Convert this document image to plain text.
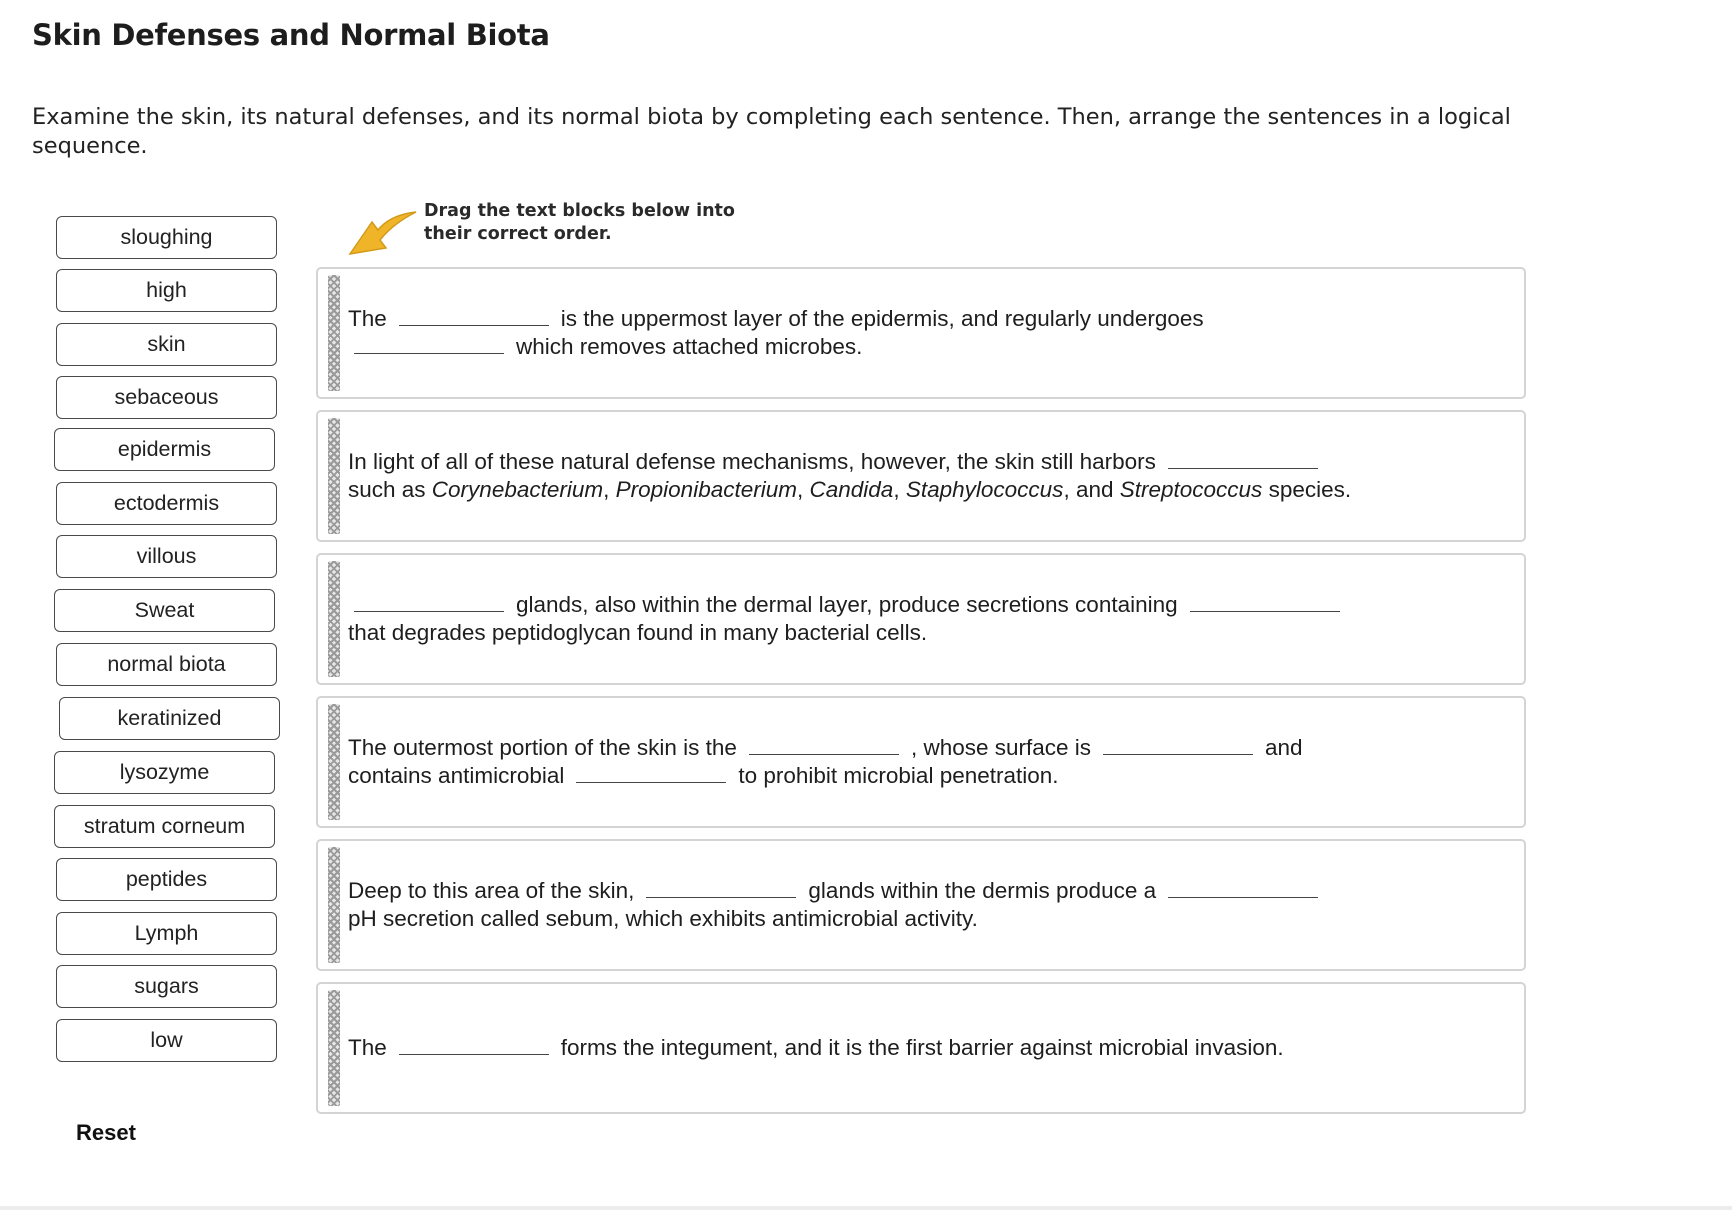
Skin Defenses and Normal Biota

Examine the skin, its natural defenses, and its normal biota by completing each sentence. Then, arrange the sentences in a logical sequence.

sloughing
high
skin
sebaceous
epidermis
ectodermis
villous
Sweat
normal biota
keratinized
lysozyme
stratum corneum
peptides
Lymph
sugars
low
Drag the text blocks below into their correct order.
The	is the uppermost layer of the epidermis, and regularly undergoes
which removes attached microbes.
In light of all of these natural defense mechanisms, however, the skin still harbors
such as Corynebacterium, Propionibacterium, Candida, Staphylococcus, and Streptococcus species.
glands, also within the dermal layer, produce secretions containing
that degrades peptidoglycan found in many bacterial cells.
The outermost portion of the skin is the	, whose surface is	and
contains antimicrobial	to prohibit microbial penetration.
Deep to this area of the skin,	glands within the dermis produce a
pH secretion called sebum, which exhibits antimicrobial activity.
The	forms the integument, and it is the first barrier against microbial invasion.
Reset
